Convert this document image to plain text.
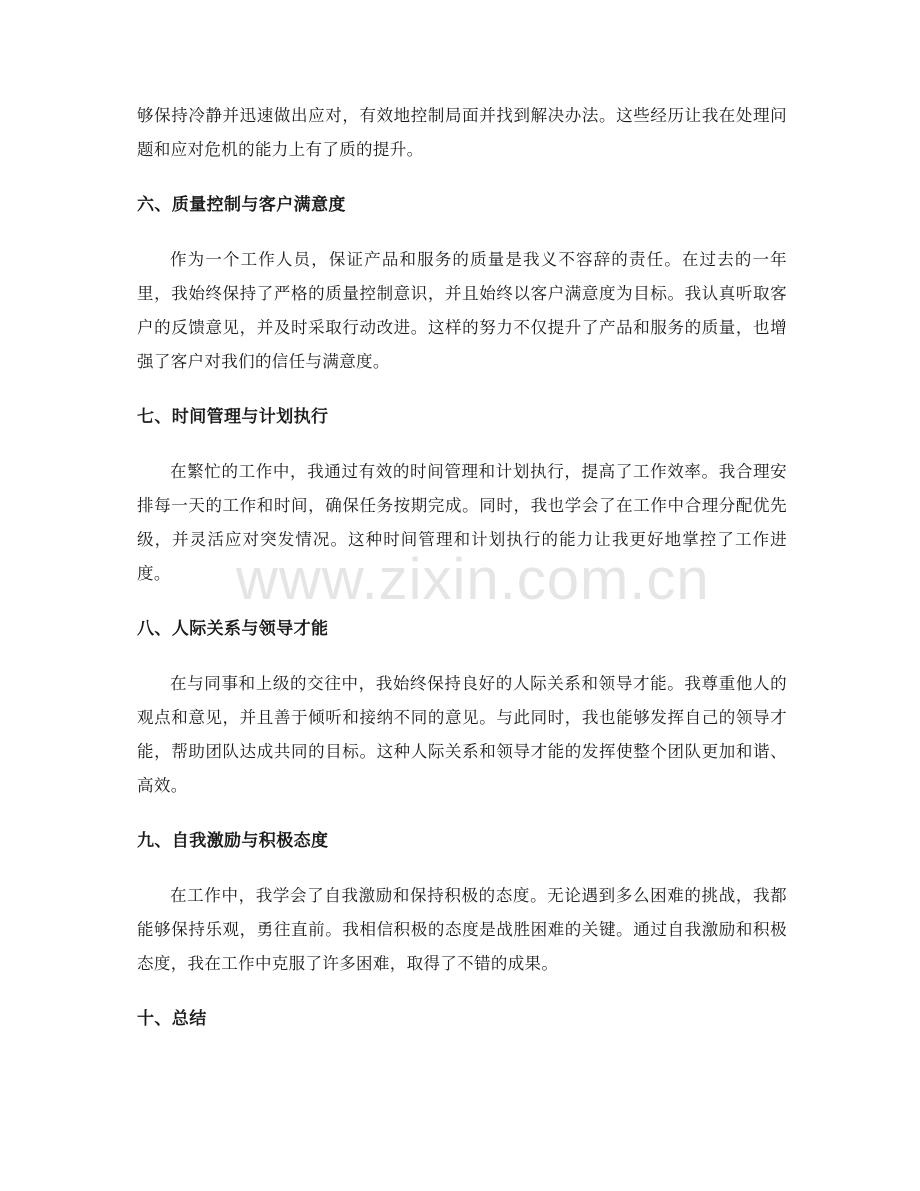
够保持冷静并迅速做出应对，有效地控制局面并找到解决办法。这些经历让我在处理问题和应对危机的能力上有了质的提升。

六、质量控制与客户满意度

作为一个工作人员，保证产品和服务的质量是我义不容辞的责任。在过去的一年里，我始终保持了严格的质量控制意识，并且始终以客户满意度为目标。我认真听取客户的反馈意见，并及时采取行动改进。这样的努力不仅提升了产品和服务的质量，也增强了客户对我们的信任与满意度。

七、时间管理与计划执行

在繁忙的工作中，我通过有效的时间管理和计划执行，提高了工作效率。我合理安排每一天的工作和时间，确保任务按期完成。同时，我也学会了在工作中合理分配优先级，并灵活应对突发情况。这种时间管理和计划执行的能力让我更好地掌控了工作进度。

八、人际关系与领导才能

在与同事和上级的交往中，我始终保持良好的人际关系和领导才能。我尊重他人的观点和意见，并且善于倾听和接纳不同的意见。与此同时，我也能够发挥自己的领导才能，帮助团队达成共同的目标。这种人际关系和领导才能的发挥使整个团队更加和谐、高效。

九、自我激励与积极态度

在工作中，我学会了自我激励和保持积极的态度。无论遇到多么困难的挑战，我都能够保持乐观，勇往直前。我相信积极的态度是战胜困难的关键。通过自我激励和积极态度，我在工作中克服了许多困难，取得了不错的成果。

十、总结
www.zixin.com.cn
